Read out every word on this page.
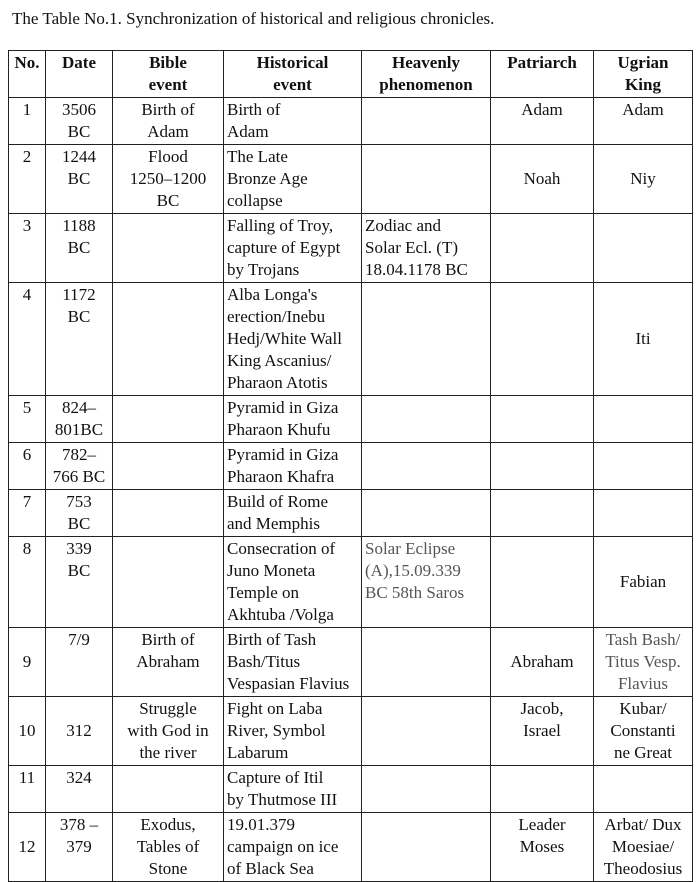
The Table No.1. Synchronization of historical and religious chronicles.
No.	Date	Bible
event	Historical
event	Heavenly
phenomenon	Patriarch	Ugrian
King

1	3506
BC	Birth of
Adam	Birth of
Adam		Adam	Adam

2	1244
BC	Flood
1250–1200
BC	The Late
Bronze Age
collapse		Noah	Niy

3	1188
BC		Falling of Troy,
capture of Egypt
by Trojans	Zodiac and
Solar Ecl. (T)
18.04.1178 BC		

4	1172
BC		Alba Longa's
erection/Inebu
Hedj/White Wall
King Ascanius/
Pharaon Atotis			Iti

5	824–
801BC		Pyramid in Giza
Pharaon Khufu			

6	782–
766 BC		Pyramid in Giza
Pharaon Khafra			

7	753
BC		Build of Rome
and Memphis			

8	339
BC		Consecration of
Juno Moneta
Temple on
Akhtuba /Volga	Solar Eclipse
(A),15.09.339
BC 58th Saros		Fabian

9	7/9	Birth of
Abraham	Birth of Tash
Bash/Titus
Vespasian Flavius		Abraham	Tash Bash/
Titus Vesp.
Flavius

10	312	Struggle
with God in
the river	Fight on Laba
River, Symbol
Labarum		Jacob,
Israel	Kubar/
Constanti
ne Great

11	324		Capture of Itil
by Thutmose III			

12	378 –
379	Exodus,
Tables of
Stone	19.01.379
campaign on ice
of Black Sea		Leader
Moses	Arbat/ Dux
Moesiae/
Theodosius
